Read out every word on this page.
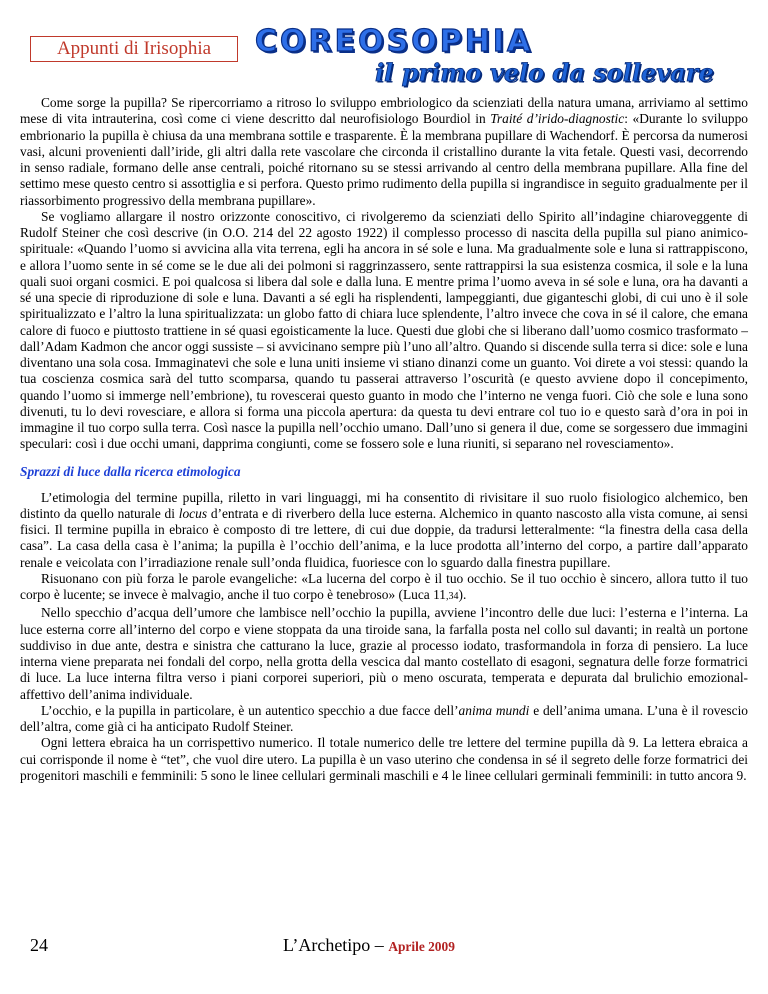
Appunti di Irisophia COREOSOPHIA
il primo velo da sollevare

Come sorge la pupilla? Se ripercorriamo a ritroso lo sviluppo embriologico da scienziati della natura umana, arriviamo al settimo mese di vita intrauterina, così come ci viene descritto dal neurofisiologo Bourdiol in Traité d’irido-diagnostic: «Durante lo sviluppo embrionario la pupilla è chiusa da una membrana sottile e trasparente. È la membrana pupillare di Wachendorf. È percorsa da numerosi vasi, alcuni provenienti dall’iride, gli altri dalla rete vascolare che circonda il cristallino durante la vita fetale. Questi vasi, decorrendo in senso radiale, formano delle anse centrali, poiché ritornano su se stessi arrivando al centro della membrana pupillare. Alla fine del settimo mese questo centro si assottiglia e si perfora. Questo primo rudimento della pupilla si ingrandisce in seguito gradualmente per il riassorbimento progressivo della membrana pupillare».

Se vogliamo allargare il nostro orizzonte conoscitivo, ci rivolgeremo da scienziati dello Spirito all’indagine chiaroveggente di Rudolf Steiner che così descrive (in O.O. 214 del 22 agosto 1922) il complesso processo di nascita della pupilla sul piano animico-spirituale: «Quando l’uomo si avvicina alla vita terrena, egli ha ancora in sé sole e luna. Ma gradualmente sole e luna si rattrappiscono, e allora l’uomo sente in sé come se le due ali dei polmoni si raggrinzassero, sente rattrappirsi la sua esistenza cosmica, il sole e la luna quali suoi organi cosmici. E poi qualcosa si libera dal sole e dalla luna. E mentre prima l’uomo aveva in sé sole e luna, ora ha davanti a sé una specie di riproduzione di sole e luna. Davanti a sé egli ha risplendenti, lampeggianti, due giganteschi globi, di cui uno è il sole spiritualizzato e l’altro la luna spiritualizzata: un globo fatto di chiara luce splendente, l’altro invece che cova in sé il calore, che emana calore di fuoco e piuttosto trattiene in sé quasi egoisticamente la luce. Questi due globi che si liberano dall’uomo cosmico trasformato – dall’Adam Kadmon che ancor oggi sussiste – si avvicinano sempre più l’uno all’altro. Quando si discende sulla terra si dice: sole e luna diventano una sola cosa. Immaginatevi che sole e luna uniti insieme vi stiano dinanzi come un guanto. Voi direte a voi stessi: quando la tua coscienza cosmica sarà del tutto scomparsa, quando tu passerai attraverso l’oscurità (e questo avviene dopo il concepimento, quando l’uomo si immerge nell’embrione), tu rovescerai questo guanto in modo che l’interno ne venga fuori. Ciò che sole e luna sono divenuti, tu lo devi rovesciare, e allora si forma una piccola apertura: da questa tu devi entrare col tuo io e questo sarà d’ora in poi in immagine il tuo corpo sulla terra. Così nasce la pupilla nell’occhio umano. Dall’uno si genera il due, come se sorgessero due immagini speculari: così i due occhi umani, dapprima congiunti, come se fossero sole e luna riuniti, si separano nel rovesciamento».

Sprazzi di luce dalla ricerca etimologica

L’etimologia del termine pupilla, riletto in vari linguaggi, mi ha consentito di rivisitare il suo ruolo fisiologico alchemico, ben distinto da quello naturale di locus d’entrata e di riverbero della luce esterna. Alchemico in quanto nascosto alla vista comune, ai sensi fisici. Il termine pupilla in ebraico è composto di tre lettere, di cui due doppie, da tradursi letteralmente: “la finestra della casa della casa”. La casa della casa è l’anima; la pupilla è l’occhio dell’anima, e la luce prodotta all’interno del corpo, a partire dall’apparato renale e veicolata con l’irradiazione renale sull’onda fluidica, fuoriesce con lo sguardo dalla finestra pupillare.

Risuonano con più forza le parole evangeliche: «La lucerna del corpo è il tuo occhio. Se il tuo occhio è sincero, allora tutto il tuo corpo è lucente; se invece è malvagio, anche il tuo corpo è tenebroso» (Luca 11,34).

Nello specchio d’acqua dell’umore che lambisce nell’occhio la pupilla, avviene l’incontro delle due luci: l’esterna e l’interna. La luce esterna corre all’interno del corpo e viene stoppata da una tiroide sana, la farfalla posta nel collo sul davanti; in realtà un portone suddiviso in due ante, destra e sinistra che catturano la luce, grazie al processo iodato, trasformandola in forza di pensiero. La luce interna viene preparata nei fondali del corpo, nella grotta della vescica dal manto costellato di esagoni, segnatura delle forze formatrici di luce. La luce interna filtra verso i piani corporei superiori, più o meno oscurata, temperata e depurata dal brulichio emozional-affettivo dell’anima individuale.

L’occhio, e la pupilla in particolare, è un autentico specchio a due facce dell’anima mundi e dell’anima umana. L’una è il rovescio dell’altra, come già ci ha anticipato Rudolf Steiner.

Ogni lettera ebraica ha un corrispettivo numerico. Il totale numerico delle tre lettere del termine pupilla dà 9. La lettera ebraica a cui corrisponde il nome è “tet”, che vuol dire utero. La pupilla è un vaso uterino che condensa in sé il segreto delle forze formatrici dei progenitori maschili e femminili: 5 sono le linee cellulari germinali maschili e 4 le linee cellulari germinali femminili: in tutto ancora 9.

24	L’Archetipo – Aprile 2009
